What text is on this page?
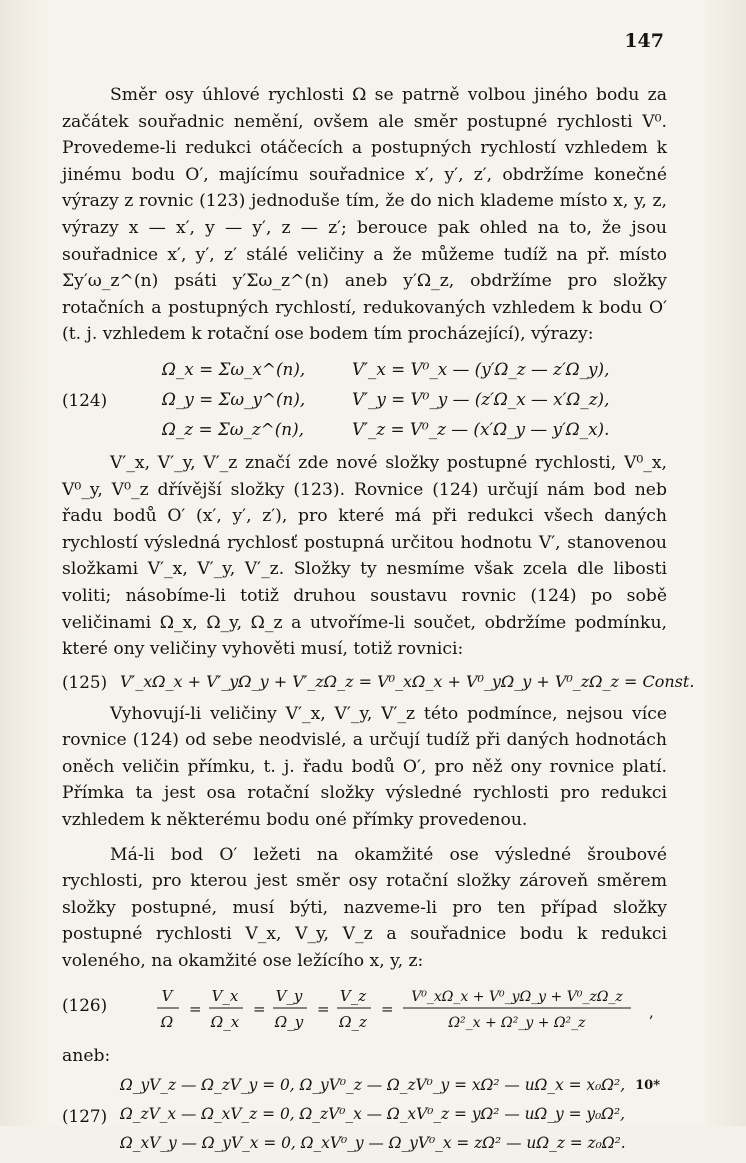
147

Směr osy úhlové rychlosti Ω se patrně volbou jiného bodu za začátek souřadnic nemění, ovšem ale směr postupné rychlosti V⁰. Provedeme-li redukci otáčecích a postupných rychlostí vzhledem k jinému bodu O′, majícímu souřadnice x′, y′, z′, obdržíme konečné výrazy z rovnic (123) jednoduše tím, že do nich klademe místo x, y, z, výrazy x — x′, y — y′, z — z′; berouce pak ohled na to, že jsou souřadnice x′, y′, z′ stálé veličiny a že můžeme tudíž na př. místo Σy′ω_z^(n) psáti y′Σω_z^(n) aneb y′Ω_z, obdržíme pro složky rotačních a postupných rychlostí, redukovaných vzhledem k bodu O′ (t. j. vzhledem k rotační ose bodem tím procházející), výrazy:

(124)
Ω_x = Σω_x^(n),
Ω_y = Σω_y^(n),
Ω_z = Σω_z^(n),
V′_x = V⁰_x — (y′Ω_z — z′Ω_y),
V′_y = V⁰_y — (z′Ω_x — x′Ω_z),
V′_z = V⁰_z — (x′Ω_y — y′Ω_x).

V′_x, V′_y, V′_z značí zde nové složky postupné rychlosti, V⁰_x, V⁰_y, V⁰_z dřívější složky (123). Rovnice (124) určují nám bod neb řadu bodů O′ (x′, y′, z′), pro které má při redukci všech daných rychlostí výsledná rychlosť postupná určitou hodnotu V′, stanovenou složkami V′_x, V′_y, V′_z. Složky ty nesmíme však zcela dle libosti voliti; násobíme-li totiž druhou soustavu rovnic (124) po sobě veličinami Ω_x, Ω_y, Ω_z a utvoříme-li součet, obdržíme podmínku, které ony veličiny vyhověti musí, totiž rovnici:

(125) V′_xΩ_x + V′_yΩ_y + V′_zΩ_z = V⁰_xΩ_x + V⁰_yΩ_y + V⁰_zΩ_z = Const.

Vyhovují-li veličiny V′_x, V′_y, V′_z této podmínce, nejsou více rovnice (124) od sebe neodvislé, a určují tudíž při daných hodnotách oněch veličin přímku, t. j. řadu bodů O′, pro něž ony rovnice platí. Přímka ta jest osa rotační složky výsledné rychlosti pro redukci vzhledem k některému bodu oné přímky provedenou.

Má-li bod O′ ležeti na okamžité ose výsledné šroubové rychlosti, pro kterou jest směr osy rotační složky zároveň směrem složky postupné, musí býti, nazveme-li pro ten případ složky postupné rychlosti V_x, V_y, V_z a souřadnice bodu k redukci voleného, na okamžité ose ležícího x, y, z:

(126)	V
Ω
=
V_x
Ω_x
=
V_y
Ω_y
=
V_z
Ω_z
=
V⁰_xΩ_x + V⁰_yΩ_y + V⁰_zΩ_z
Ω²_x + Ω²_y + Ω²_z
,

aneb:

(127)
Ω_yV_z — Ω_zV_y = 0, Ω_yV⁰_z — Ω_zV⁰_y = xΩ² — uΩ_x = x₀Ω²,
Ω_zV_x — Ω_xV_z = 0, Ω_zV⁰_x — Ω_xV⁰_z = yΩ² — uΩ_y = y₀Ω²,
Ω_xV_y — Ω_yV_x = 0, Ω_xV⁰_y — Ω_yV⁰_x = zΩ² — uΩ_z = z₀Ω².
10*
